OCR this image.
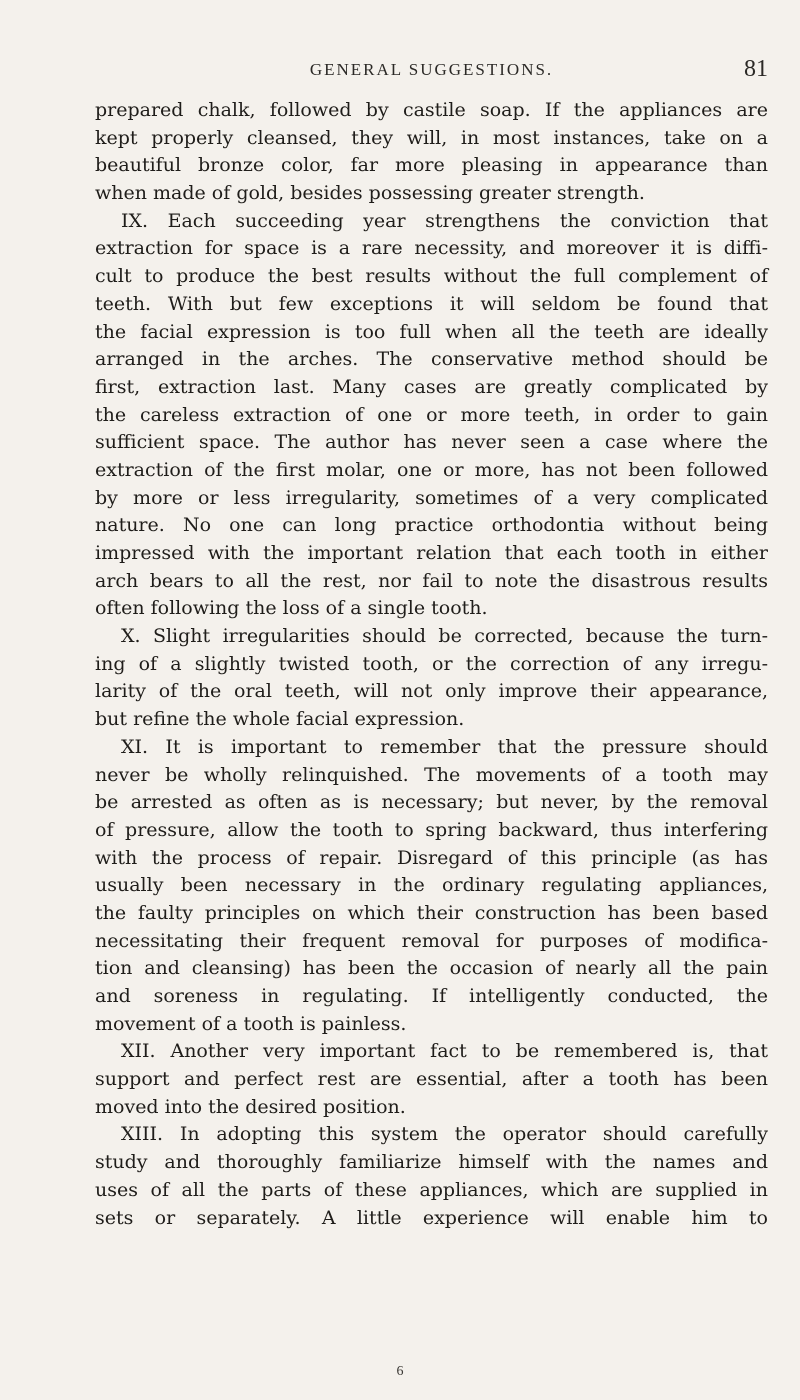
GENERAL SUGGESTIONS.	81
prepared chalk, followed by castile soap. If the appliances are
kept properly cleansed, they will, in most instances, take on a
beautiful bronze color, far more pleasing in appearance than
when made of gold, besides possessing greater strength.
IX. Each succeeding year strengthens the conviction that
extraction for space is a rare necessity, and moreover it is diffi-
cult to produce the best results without the full complement of
teeth. With but few exceptions it will seldom be found that
the facial expression is too full when all the teeth are ideally
arranged in the arches. The conservative method should be
first, extraction last. Many cases are greatly complicated by
the careless extraction of one or more teeth, in order to gain
sufficient space. The author has never seen a case where the
extraction of the first molar, one or more, has not been followed
by more or less irregularity, sometimes of a very complicated
nature. No one can long practice orthodontia without being
impressed with the important relation that each tooth in either
arch bears to all the rest, nor fail to note the disastrous results
often following the loss of a single tooth.
X. Slight irregularities should be corrected, because the turn-
ing of a slightly twisted tooth, or the correction of any irregu-
larity of the oral teeth, will not only improve their appearance,
but refine the whole facial expression.
XI. It is important to remember that the pressure should
never be wholly relinquished. The movements of a tooth may
be arrested as often as is necessary; but never, by the removal
of pressure, allow the tooth to spring backward, thus interfering
with the process of repair. Disregard of this principle (as has
usually been necessary in the ordinary regulating appliances,
the faulty principles on which their construction has been based
necessitating their frequent removal for purposes of modifica-
tion and cleansing) has been the occasion of nearly all the pain
and soreness in regulating. If intelligently conducted, the
movement of a tooth is painless.
XII. Another very important fact to be remembered is, that
support and perfect rest are essential, after a tooth has been
moved into the desired position.
XIII. In adopting this system the operator should carefully
study and thoroughly familiarize himself with the names and
uses of all the parts of these appliances, which are supplied in
sets or separately. A little experience will enable him to
6
